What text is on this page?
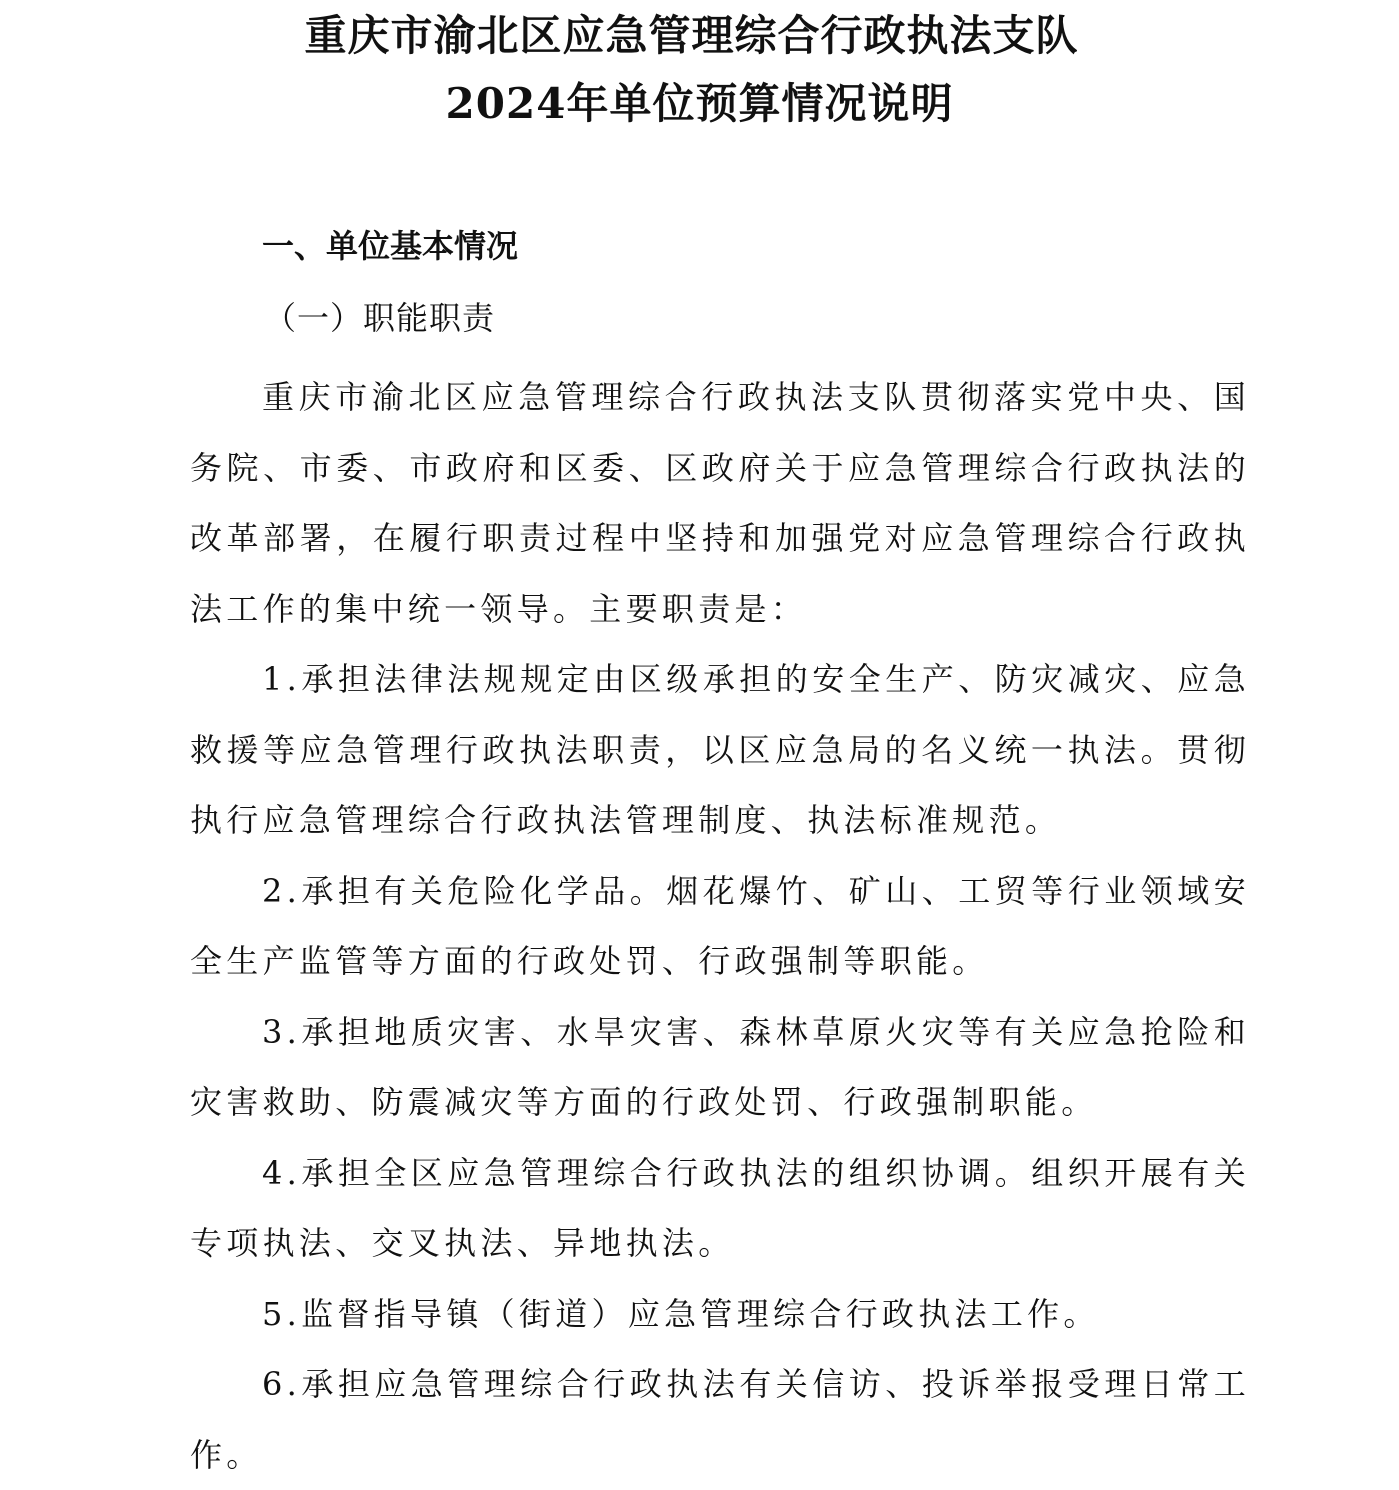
重庆市渝北区应急管理综合行政执法支队
2024年单位预算情况说明
一、单位基本情况
（一）职能职责

重庆市渝北区应急管理综合行政执法支队贯彻落实党中央、国务院、市委、市政府和区委、区政府关于应急管理综合行政执法的改革部署，在履行职责过程中坚持和加强党对应急管理综合行政执法工作的集中统一领导。主要职责是：

1.承担法律法规规定由区级承担的安全生产、防灾减灾、应急救援等应急管理行政执法职责，以区应急局的名义统一执法。贯彻执行应急管理综合行政执法管理制度、执法标准规范。

2.承担有关危险化学品。烟花爆竹、矿山、工贸等行业领域安全生产监管等方面的行政处罚、行政强制等职能。

3.承担地质灾害、水旱灾害、森林草原火灾等有关应急抢险和灾害救助、防震减灾等方面的行政处罚、行政强制职能。

4.承担全区应急管理综合行政执法的组织协调。组织开展有关专项执法、交叉执法、异地执法。

5.监督指导镇（街道）应急管理综合行政执法工作。

6.承担应急管理综合行政执法有关信访、投诉举报受理日常工作。
